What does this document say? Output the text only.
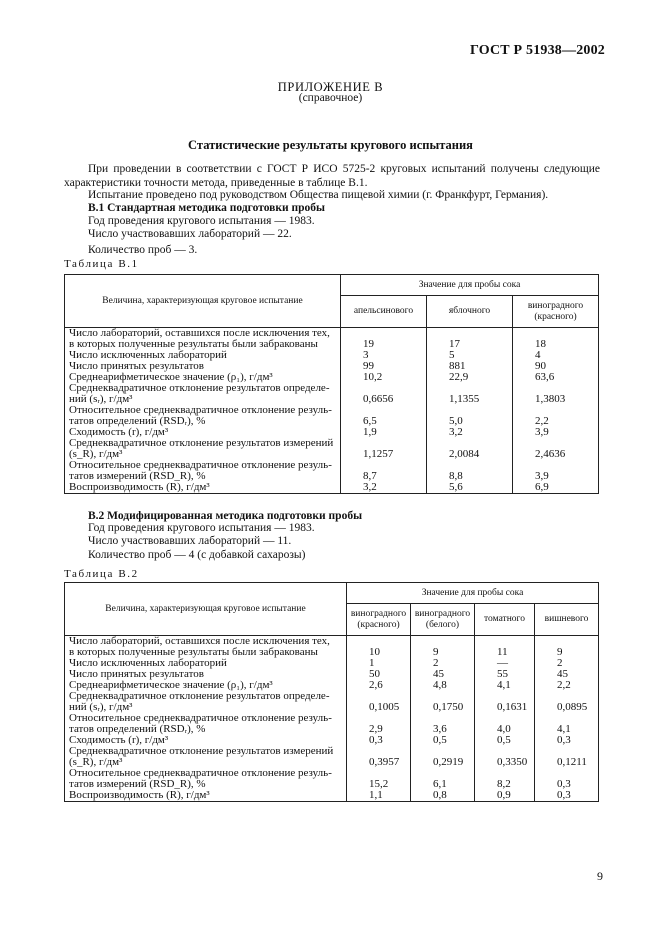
ГОСТ Р 51938—2002
ПРИЛОЖЕНИЕ В
(справочное)
Статистические результаты кругового испытания
При проведении в соответствии с ГОСТ Р ИСО 5725-2 круговых испытаний получены следующие характеристики точности метода, приведенные в таблице В.1.
Испытание проведено под руководством Общества пищевой химии (г. Франкфурт, Германия).
В.1 Стандартная методика подготовки пробы
Год проведения кругового испытания — 1983.
Число участвовавших лабораторий — 22.
Количество проб — 3.
Таблица В.1
Величина, характеризующая круговое испытание	Значение для пробы сока		
	апельсинового	яблочного	виноградного (красного)

Число лабораторий, оставшихся после исключения тех,
в которых полученные результаты были забракованы	19	17	18

Число исключенных лабораторий	3	5	4

Число принятых результатов	99	881	90

Среднеарифметическое значение (ρ₁), г/дм³	10,2	22,9	63,6

Среднеквадратичное отклонение результатов определе-
ний (sᵣ), г/дм³	0,6656	1,1355	1,3803

Относительное среднеквадратичное отклонение резуль-
татов определений (RSDᵣ), %	6,5	5,0	2,2

Сходимость (r), г/дм³	1,9	3,2	3,9

Среднеквадратичное отклонение результатов измерений
(s_R), г/дм³	1,1257	2,0084	2,4636

Относительное среднеквадратичное отклонение резуль-
татов измерений (RSD_R), %	8,7	8,8	3,9

Воспроизводимость (R), г/дм³	3,2	5,6	6,9
В.2 Модифицированная методика подготовки пробы
Год проведения кругового испытания — 1983.
Число участвовавших лабораторий — 11.
Количество проб — 4 (с добавкой сахарозы)
Таблица В.2
Величина, характеризующая круговое испытание	Значение для пробы сока			
	виноградного (красного)	виноградного (белого)	томатного	вишневого

Число лабораторий, оставшихся после исключения тех,
в которых полученные результаты были забракованы	10	9	11	9

Число исключенных лабораторий	1	2	—	2

Число принятых результатов	50	45	55	45

Среднеарифметическое значение (ρ₁), г/дм³	2,6	4,8	4,1	2,2

Среднеквадратичное отклонение результатов определе-
ний (sᵣ), г/дм³	0,1005	0,1750	0,1631	0,0895

Относительное среднеквадратичное отклонение резуль-
татов определений (RSDᵣ), %	2,9	3,6	4,0	4,1

Сходимость (r), г/дм³	0,3	0,5	0,5	0,3

Среднеквадратичное отклонение результатов измерений
(s_R), г/дм³	0,3957	0,2919	0,3350	0,1211

Относительное среднеквадратичное отклонение резуль-
татов измерений (RSD_R), %	15,2	6,1	8,2	0,3

Воспроизводимость (R), г/дм³	1,1	0,8	0,9	0,3
9
